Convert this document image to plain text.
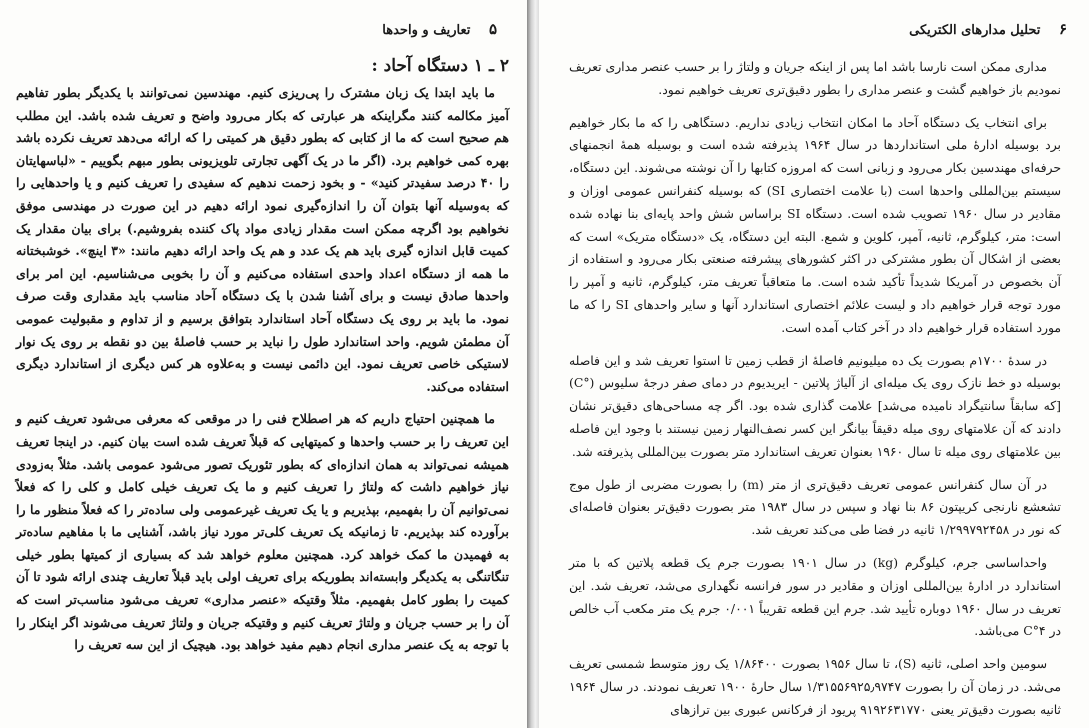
۵ تعاریف و واحدها
۲ ـ ۱ دستگاه آحاد :

ما باید ابتدا یک زبان مشترک را پی‌ریزی کنیم. مهندسین نمی‌توانند با یکدیگر بطور تفاهیم آمیز مکالمه کنند مگراینکه هر عبارتی که بکار می‌رود واضح و تعریف شده باشد. این مطلب هم صحیح است که ما از کتابی که بطور دقیق هر کمیتی را که ارائه می‌دهد تعریف نکرده باشد بهره کمی خواهیم برد. (اگر ما در یک آگهی تجارتی تلویزیونی بطور مبهم بگوییم - «لباسهایتان را ۴۰ درصد سفیدتر کنید» - و بخود زحمت ندهیم که سفیدی را تعریف کنیم و یا واحدهایی را که به‌وسیله آنها بتوان آن را اندازه‌گیری نمود ارائه دهیم در این صورت در مهندسی موفق نخواهیم بود اگرچه ممکن است مقدار زیادی مواد پاک کننده بفروشیم.) برای بیان مقدار یک کمیت قابل اندازه گیری باید هم یک عدد و هم یک واحد ارائه دهیم مانند: «۳ اینچ». خوشبختانه ما همه از دستگاه اعداد واحدی استفاده می‌کنیم و آن را بخوبی می‌شناسیم. این امر برای واحدها صادق نیست و برای آشنا شدن با یک دستگاه آحاد مناسب باید مقداری وقت صرف نمود. ما باید بر روی یک دستگاه آحاد استاندارد بتوافق برسیم و از تداوم و مقبولیت عمومی آن مطمئن شویم. واحد استاندارد طول را نباید بر حسب فاصلهٔ بین دو نقطه بر روی یک نوار لاستیکی خاصی تعریف نمود. این دائمی نیست و به‌علاوه هر کس دیگری از استاندارد دیگری استفاده می‌کند.

ما همچنین احتیاج داریم که هر اصطلاح فنی را در موقعی که معرفی می‌شود تعریف کنیم و این تعریف را بر حسب واحدها و کمیتهایی که قبلاً تعریف شده است بیان کنیم. در اینجا تعریف همیشه نمی‌تواند به همان اندازه‌ای که بطور تئوریک تصور می‌شود عمومی باشد. مثلاً به‌زودی نیاز خواهیم داشت که ولتاژ را تعریف کنیم و ما یک تعریف خیلی کامل و کلی را که فعلاً نمی‌توانیم آن را بفهمیم، بپذیریم و یا یک تعریف غیرعمومی ولی ساده‌تر را که فعلاً منظور ما را برآورده کند بپذیریم. تا زمانیکه یک تعریف کلی‌تر مورد نیاز باشد، آشنایی ما با مفاهیم ساده‌تر به فهمیدن ما کمک خواهد کرد. همچنین معلوم خواهد شد که بسیاری از کمیتها بطور خیلی تنگاتنگی به یکدیگر وابسته‌اند بطوریکه برای تعریف اولی باید قبلاً تعاریف چندی ارائه شود تا آن کمیت را بطور کامل بفهمیم. مثلاً وقتیکه «عنصر مداری» تعریف می‌شود مناسب‌تر است که آن را بر حسب جریان و ولتاژ تعریف کنیم و وقتیکه جریان و ولتاژ تعریف می‌شوند اگر اینکار را با توجه به یک عنصر مداری انجام دهیم مفید خواهد بود. هیچیک از این سه تعریف را

۶ تحلیل مدارهای الکتریکی

مداری ممکن است نارسا باشد اما پس از اینکه جریان و ولتاژ را بر حسب عنصر مداری تعریف نمودیم باز خواهیم گشت و عنصر مداری را بطور دقیق‌تری تعریف خواهیم نمود.

برای انتخاب یک دستگاه آحاد ما امکان انتخاب زیادی نداریم. دستگاهی را که ما بکار خواهیم برد بوسیله ادارهٔ ملی استانداردها در سال ۱۹۶۴ پذیرفته شده است و بوسیله همهٔ انجمنهای حرفه‌ای مهندسین بکار می‌رود و زبانی است که امروزه کتابها را آن نوشته می‌شوند. این دستگاه، سیستم بین‌المللی واحدها است (با علامت اختصاری SI) که بوسیله کنفرانس عمومی اوزان و مقادیر در سال ۱۹۶۰ تصویب شده است. دستگاه SI براساس شش واحد پایه‌ای بنا نهاده شده است: متر، کیلوگرم، ثانیه، آمپر، کلوین و شمع. البته این دستگاه، یک «دستگاه متریک» است که بعضی از اشکال آن بطور مشترکی در اکثر کشورهای پیشرفته صنعتی بکار می‌رود و استفاده از آن بخصوص در آمریکا شدیداً تأکید شده است. ما متعاقباً تعریف متر، کیلوگرم، ثانیه و آمپر را مورد توجه قرار خواهیم داد و لیست علائم اختصاری استاندارد آنها و سایر واحدهای SI را که ما مورد استفاده قرار خواهیم داد در آخر کتاب آمده است.

در سدهٔ ۱۷۰۰م بصورت یک ده میلیونیم فاصلهٔ از قطب زمین تا استوا تعریف شد و این فاصله بوسیله دو خط نازک روی یک میله‌ای از آلیاژ پلاتین - ایریدیوم در دمای صفر درجهٔ سلیوس (°C) [که سابقاً سانتیگراد نامیده می‌شد] علامت گذاری شده بود. اگر چه مساحی‌های دقیق‌تر نشان دادند که آن علامتهای روی میله دقیقاً بیانگر این کسر نصف‌النهار زمین نیستند با وجود این فاصله بین علامتهای روی میله تا سال ۱۹۶۰ بعنوان تعریف استاندارد متر بصورت بین‌المللی پذیرفته شد.

در آن سال کنفرانس عمومی تعریف دقیق‌تری از متر (m) را بصورت مضربی از طول موج تشعشع نارنجی کریپتون ۸۶ بنا نهاد و سپس در سال ۱۹۸۳ متر بصورت دقیق‌تر بعنوان فاصله‌ای که نور در ۱/۲۹۹۷۹۲۴۵۸ ثانیه در فضا طی می‌کند تعریف شد.

واحداساسی جرم، کیلوگرم (kg) در سال ۱۹۰۱ بصورت جرم یک قطعه پلاتین که با متر استاندارد در ادارهٔ بین‌المللی اوزان و مقادیر در سور فرانسه نگهداری می‌شد، تعریف شد. این تعریف در سال ۱۹۶۰ دوباره تأیید شد. جرم این قطعه تقریباً ۰/۰۰۱ جرم یک متر مکعب آب خالص در ۴°C می‌باشد.

سومین واحد اصلی، ثانیه (S)، تا سال ۱۹۵۶ بصورت ۱/۸۶۴۰۰ یک روز متوسط شمسی تعریف می‌شد. در زمان آن را بصورت ۱/۳۱۵۵۶۹۲۵٫۹۷۴۷ سال حارهٔ ۱۹۰۰ تعریف نمودند. در سال ۱۹۶۴ ثانیه بصورت دقیق‌تر یعنی ۹۱۹۲۶۳۱۷۷۰ پریود از فرکانس عبوری بین ترازهای
